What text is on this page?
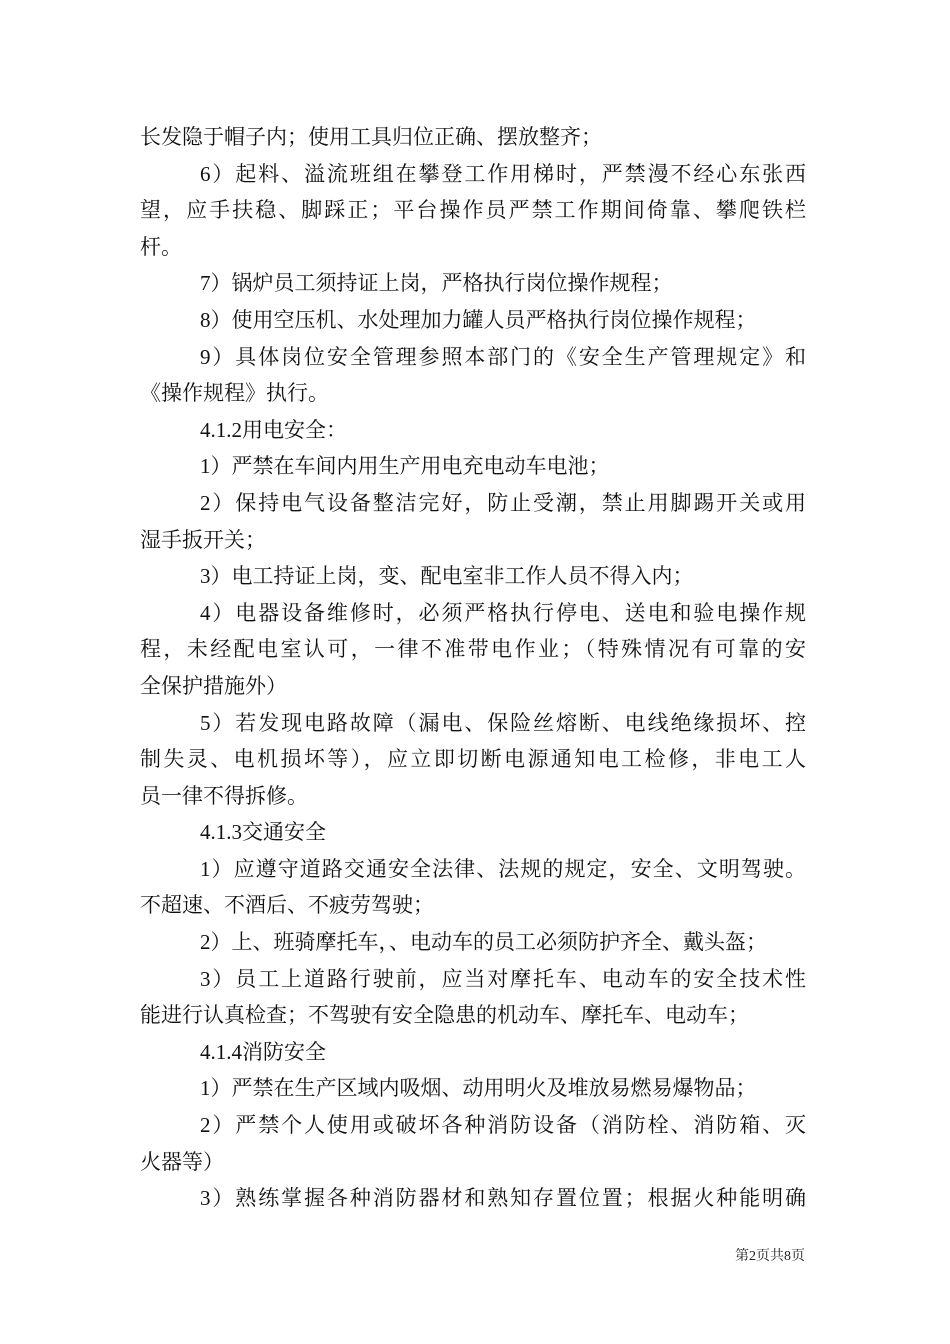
长发隐于帽子内；使用工具归位正确、摆放整齐；
6）起料、溢流班组在攀登工作用梯时，严禁漫不经心东张西
望，应手扶稳、脚踩正；平台操作员严禁工作期间倚靠、攀爬铁栏
杆。
7）锅炉员工须持证上岗，严格执行岗位操作规程；
8）使用空压机、水处理加力罐人员严格执行岗位操作规程；
9）具体岗位安全管理参照本部门的《安全生产管理规定》和
《操作规程》执行。
4.1.2用电安全：
1）严禁在车间内用生产用电充电动车电池；
2）保持电气设备整洁完好，防止受潮，禁止用脚踢开关或用
湿手扳开关；
3）电工持证上岗，变、配电室非工作人员不得入内；
4）电器设备维修时，必须严格执行停电、送电和验电操作规
程，未经配电室认可，一律不准带电作业；（特殊情况有可靠的安
全保护措施外）
5）若发现电路故障（漏电、保险丝熔断、电线绝缘损坏、控
制失灵、电机损坏等），应立即切断电源通知电工检修，非电工人
员一律不得拆修。
4.1.3交通安全
1）应遵守道路交通安全法律、法规的规定，安全、文明驾驶。
不超速、不酒后、不疲劳驾驶；
2）上、班骑摩托车，、电动车的员工必须防护齐全、戴头盔；
3）员工上道路行驶前，应当对摩托车、电动车的安全技术性
能进行认真检查；不驾驶有安全隐患的机动车、摩托车、电动车；
4.1.4消防安全
1）严禁在生产区域内吸烟、动用明火及堆放易燃易爆物品；
2）严禁个人使用或破坏各种消防设备（消防栓、消防箱、灭
火器等）
3）熟练掌握各种消防器材和熟知存置位置；根据火种能明确
第2页共8页
